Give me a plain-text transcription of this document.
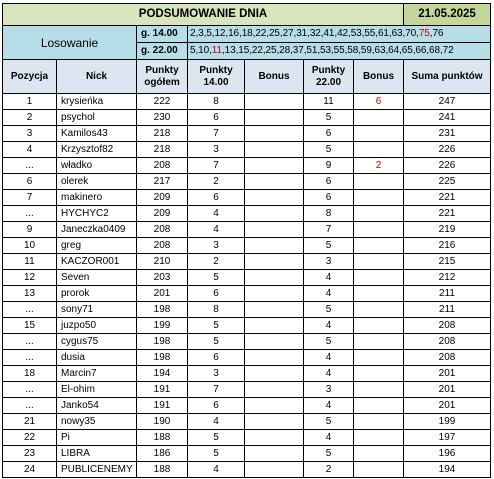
PODSUMOWANIE DNIA							21.05.2025
Losowanie		g. 14.00	2,3,5,12,16,18,22,25,27,31,32,41,42,53,55,61,63,70,75,76				
		g. 22.00	5,10,11,13,15,22,25,28,37,51,53,55,58,59,63,64,65,66,68,72				
Pozycja	Nick	Punkty ogółem	Punkty 14.00	Bonus	Punkty 22.00	Bonus	Suma punktów
1	krysieńka	222	8		11	6	247
2	psychol	230	6		5		241
3	Kamilos43	218	7		6		231
4	Krzysztof82	218	3		5		226
...	władko	208	7		9	2	226
6	olerek	217	2		6		225
7	makinero	209	6		6		221
...	HYCHYC2	209	4		8		221
9	Janeczka0409	208	4		7		219
10	greg	208	3		5		216
11	KACZOR001	210	2		3		215
12	Seven	203	5		4		212
13	prorok	201	6		4		211
...	sony71	198	8		5		211
15	juzpo50	199	5		4		208
...	cygus75	198	5		5		208
...	dusia	198	6		4		208
18	Marcin7	194	3		4		201
...	El-ohim	191	7		3		201
...	Janko54	191	6		4		201
21	nowy35	190	4		5		199
22	Pi	188	5		4		197
23	LIBRA	186	5		5		196
24	PUBLICENEMY	188	4		2		194
